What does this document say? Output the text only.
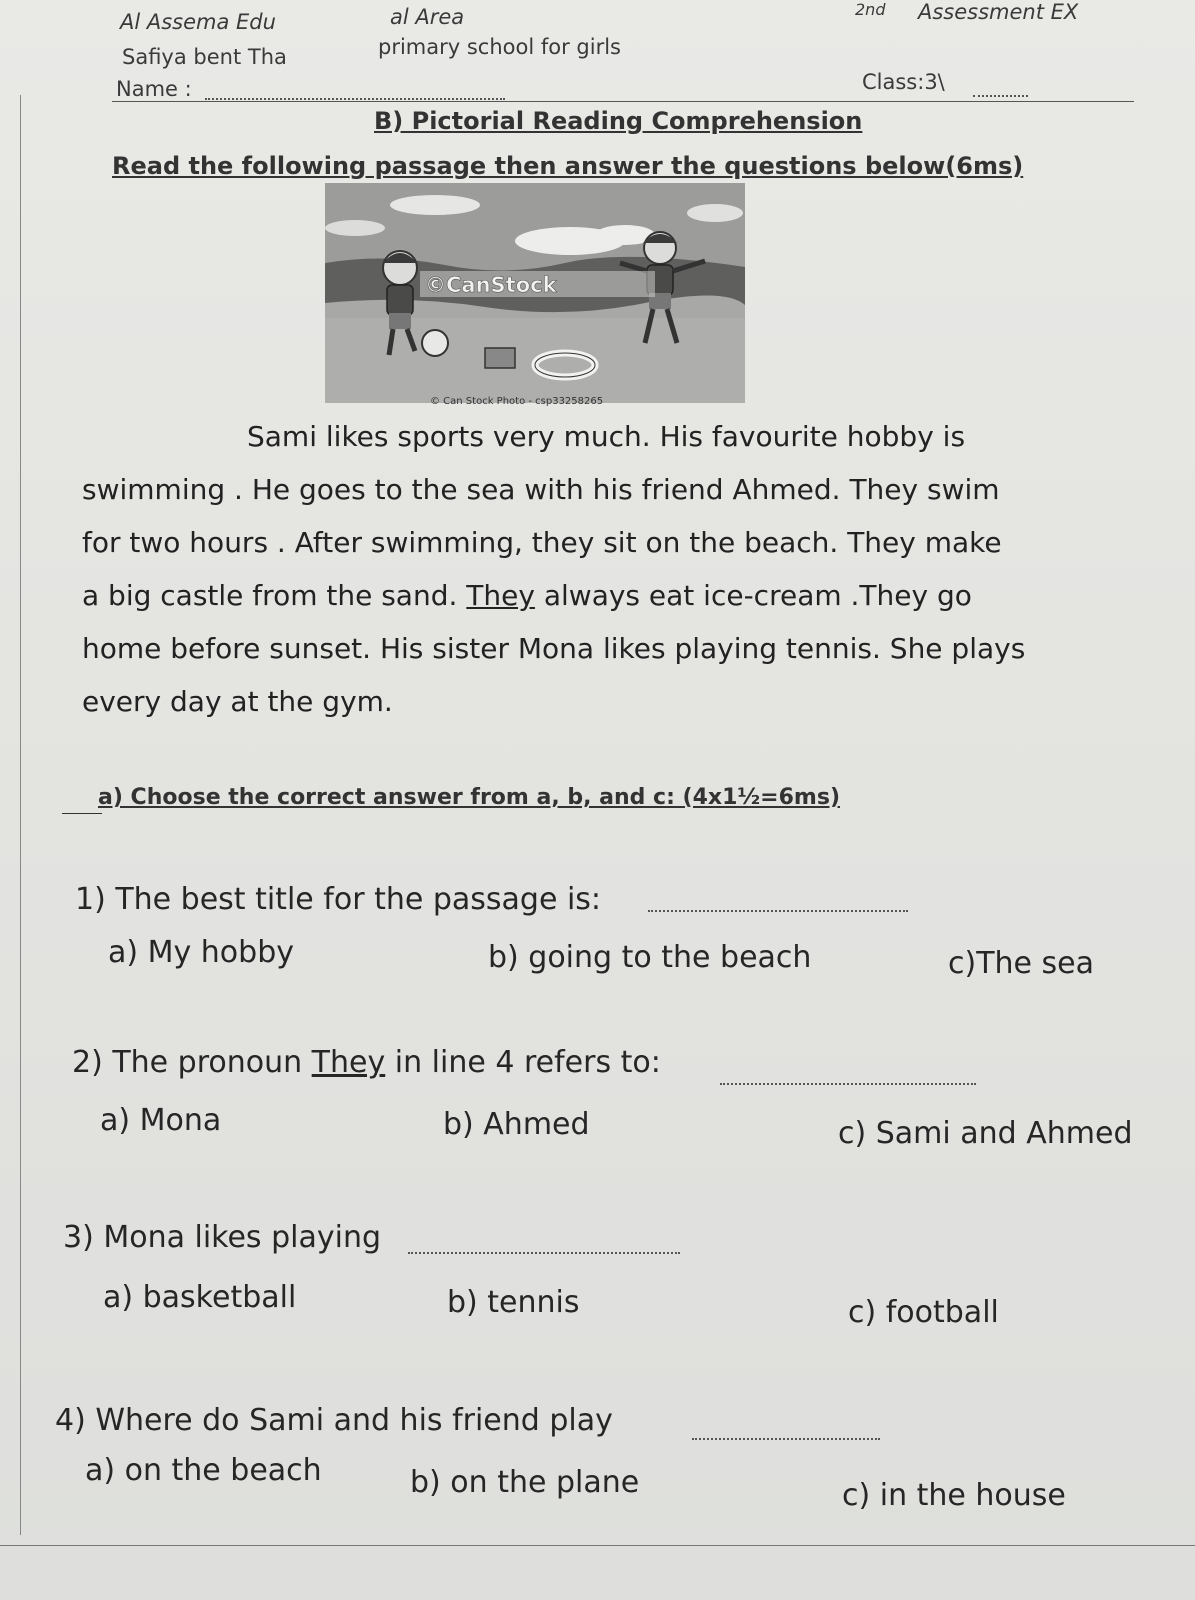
Al Assema Edu	al Area	2nd Assessment EX
Safiya bent Tha	primary school for girls
Name :	Class:3\
B) Pictorial Reading Comprehension
Read the following passage then answer the questions below(6ms)
©CanStock
© Can Stock Photo - csp33258265
Sami likes sports very much. His favourite hobby is
swimming . He goes to the sea with his friend Ahmed. They swim
for two hours . After swimming, they sit on the beach. They make
a big castle from the sand. They always eat ice-cream .They go
home before sunset. His sister Mona likes playing tennis. She plays
every day at the gym.
a) Choose the correct answer from a, b, and c: (4x1½=6ms)
1) The best title for the passage is:
a) My hobby	b) going to the beach	c)The sea
2) The pronoun They in line 4 refers to:
a) Mona	b) Ahmed	c) Sami and Ahmed
3) Mona likes playing
a) basketball	b) tennis	c) football
4) Where do Sami and his friend play
a) on the beach	b) on the plane	c) in the house
